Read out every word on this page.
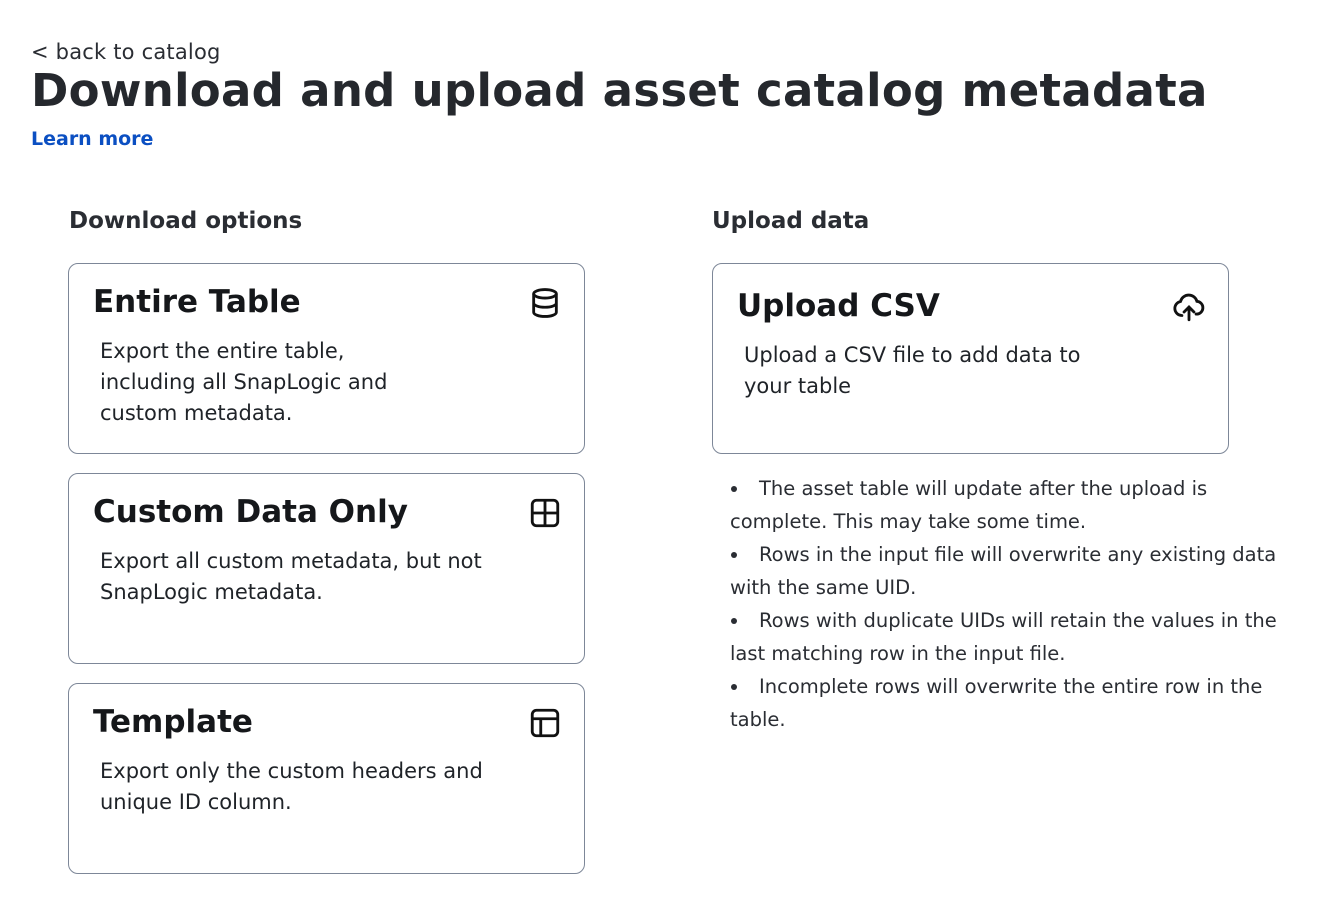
< back to catalog
Download and upload asset catalog metadata
Learn more
Download options	Upload data
Entire Table
Export the entire table, including all SnapLogic and custom metadata.
Custom Data Only
Export all custom metadata, but not SnapLogic metadata.
Template
Export only the custom headers and unique ID column.
Upload CSV
Upload a CSV file to add data to your table
The asset table will update after the upload is complete. This may take some time.
Rows in the input file will overwrite any existing data with the same UID.
Rows with duplicate UIDs will retain the values in the last matching row in the input file.
Incomplete rows will overwrite the entire row in the table.
